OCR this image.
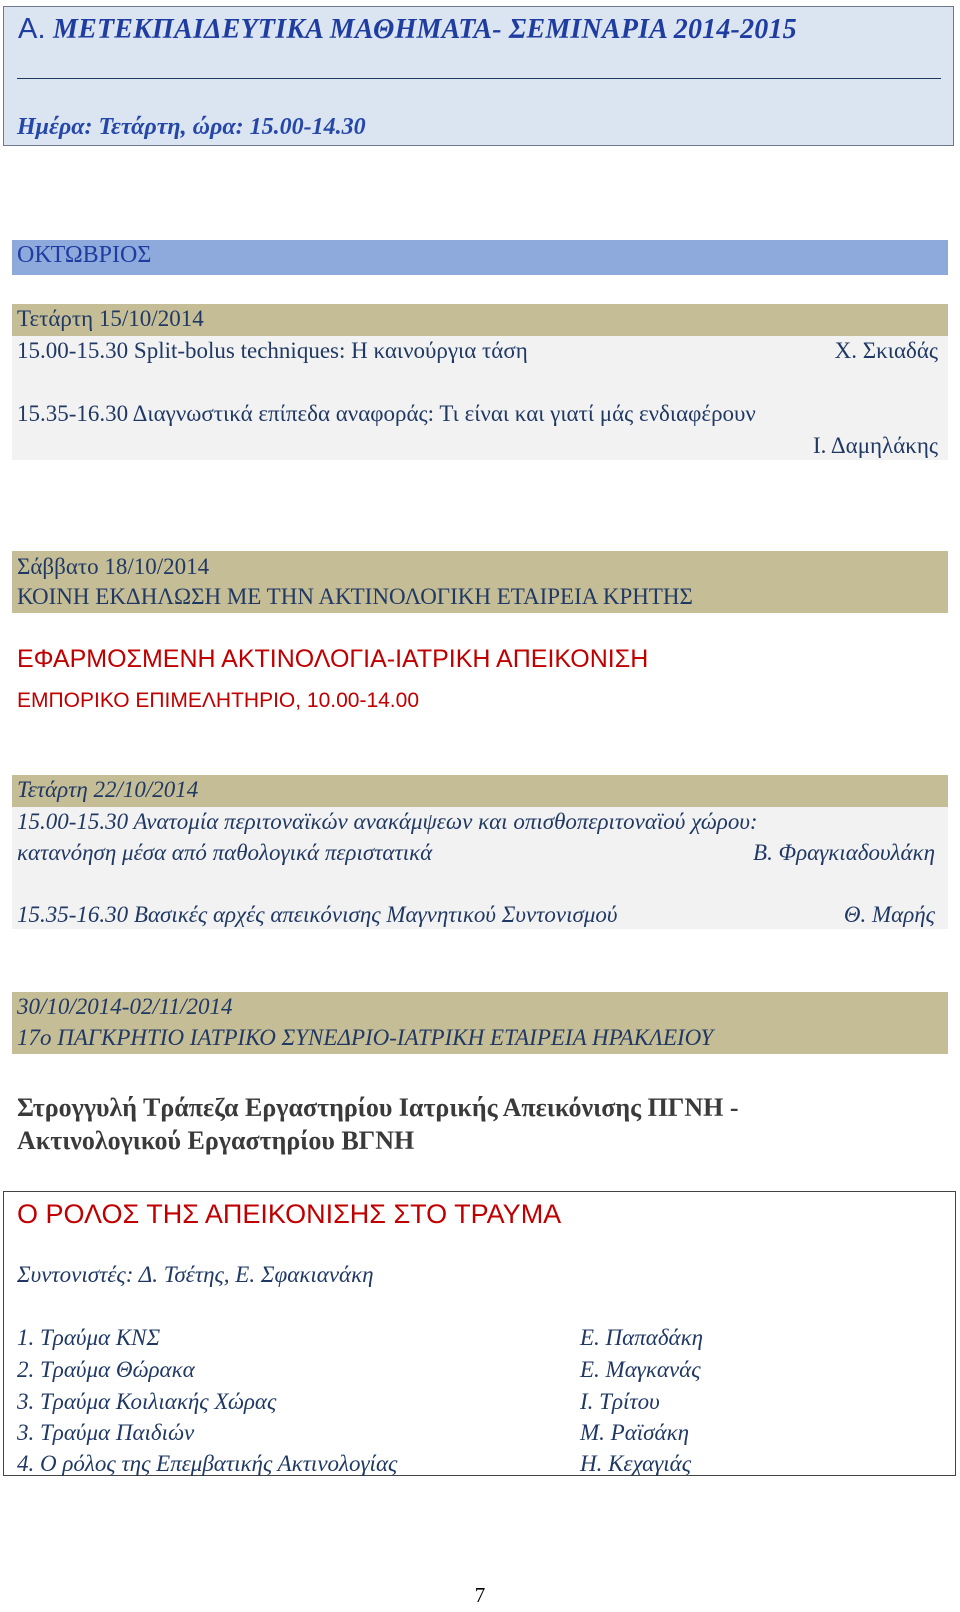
Α. ΜΕΤΕΚΠΑΙΔΕΥΤΙΚΑ ΜΑΘΗΜΑΤΑ- ΣΕΜΙΝΑΡΙΑ 2014-2015
Ημέρα: Τετάρτη, ώρα: 15.00-14.30
ΟΚΤΩΒΡΙΟΣ
Τετάρτη 15/10/2014
15.00-15.30 Split-bolus techniques: Η καινούργια τάση	Χ. Σκιαδάς
15.35-16.30 Διαγνωστικά επίπεδα αναφοράς: Τι είναι και γιατί μάς ενδιαφέρουν
Ι. Δαμηλάκης
Σάββατο 18/10/2014
ΚΟΙΝΗ ΕΚΔΗΛΩΣΗ ΜΕ ΤΗΝ ΑΚΤΙΝΟΛΟΓΙΚΗ ΕΤΑΙΡΕΙΑ ΚΡΗΤΗΣ
ΕΦΑΡΜΟΣΜΕΝΗ ΑΚΤΙΝΟΛΟΓΙΑ-ΙΑΤΡΙΚΗ ΑΠΕΙΚΟΝΙΣΗ
ΕΜΠΟΡΙΚΟ ΕΠΙΜΕΛΗΤΗΡΙΟ, 10.00-14.00
Τετάρτη 22/10/2014
15.00-15.30 Ανατομία περιτοναϊκών ανακάμψεων και οπισθοπεριτοναϊού χώρου:
κατανόηση μέσα από παθολογικά περιστατικά	Β. Φραγκιαδουλάκη
15.35-16.30 Βασικές αρχές απεικόνισης Μαγνητικού Συντονισμού	Θ. Μαρής
30/10/2014-02/11/2014
17ο ΠΑΓΚΡΗΤΙΟ ΙΑΤΡΙΚΟ ΣΥΝΕΔΡΙΟ-ΙΑΤΡΙΚΗ ΕΤΑΙΡΕΙΑ ΗΡΑΚΛΕΙΟΥ
Στρογγυλή Τράπεζα Εργαστηρίου Ιατρικής Απεικόνισης ΠΓΝΗ -
Ακτινολογικού Εργαστηρίου ΒΓΝΗ
Ο ΡΟΛΟΣ ΤΗΣ ΑΠΕΙΚΟΝΙΣΗΣ ΣΤΟ ΤΡΑΥΜΑ
Συντονιστές: Δ. Τσέτης, Ε. Σφακιανάκη
1. Τραύμα ΚΝΣ	Ε. Παπαδάκη
2. Τραύμα Θώρακα	Ε. Μαγκανάς
3. Τραύμα Κοιλιακής Χώρας	Ι. Τρίτου
3. Τραύμα Παιδιών	Μ. Ραϊσάκη
4. Ο ρόλος της Επεμβατικής Ακτινολογίας	Η. Κεχαγιάς
7
